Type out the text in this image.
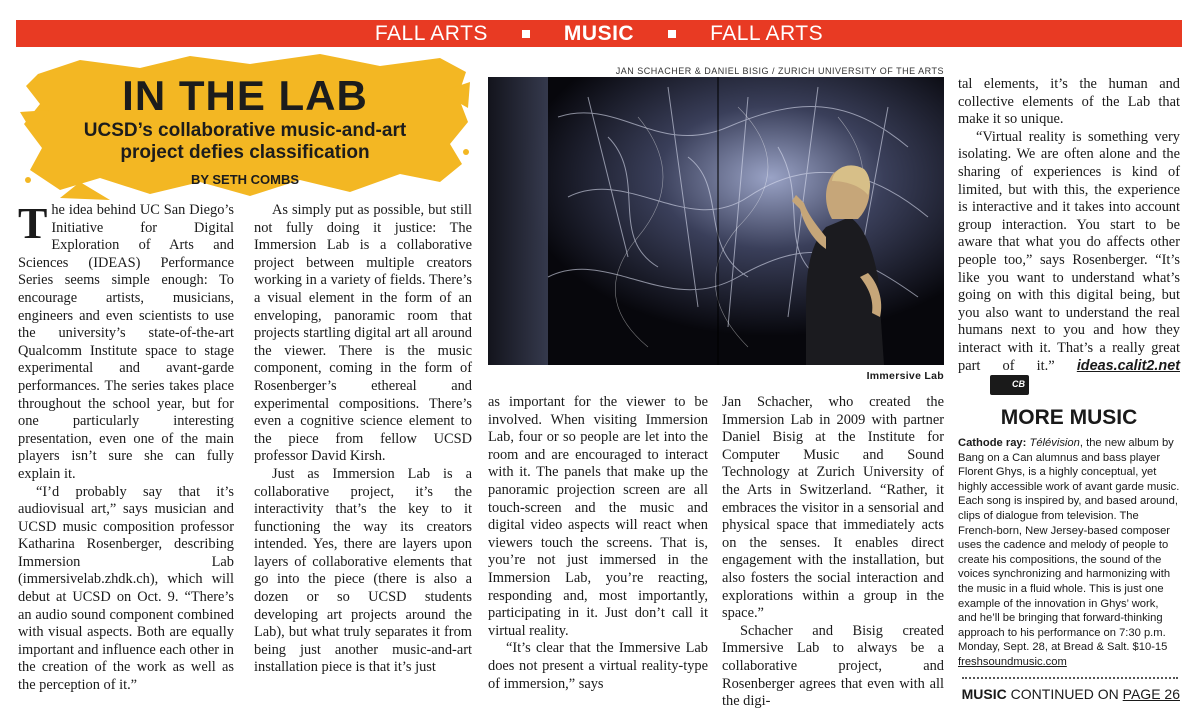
FALL ARTS	MUSIC	FALL ARTS
IN THE LAB
UCSD’s collaborative music-and-art project defies classification
BY SETH COMBS

The idea behind UC San Diego’s Initiative for Digital Exploration of Arts and Sciences (IDEAS) Performance Series seems simple enough: To encourage artists, musicians, engineers and even scientists to use the university’s state-of-the-art Qualcomm Institute space to stage experimental and avant-garde performances. The series takes place throughout the school year, but for one particularly interesting presentation, even one of the main players isn’t sure she can fully explain it.

“I’d probably say that it’s audiovisual art,” says musician and UCSD music composition professor Katharina Rosenberger, describing Immersion Lab (immersivelab.zhdk.ch), which will debut at UCSD on Oct. 9. “There’s an audio sound component combined with visual aspects. Both are equally important and influence each other in the creation of the work as well as the perception of it.”

As simply put as possible, but still not fully doing it justice: The Immersion Lab is a collaborative project between multiple creators working in a variety of fields. There’s a visual element in the form of an enveloping, panoramic room that projects startling digital art all around the viewer. There is the music component, coming in the form of Rosenberger’s ethereal and experimental compositions. There’s even a cognitive science element to the piece from fellow UCSD professor David Kirsh.

Just as Immersion Lab is a collaborative project, it’s the interactivity that’s the key to it functioning the way its creators intended. Yes, there are layers upon layers of collaborative elements that go into the piece (there is also a dozen or so UCSD students developing art projects around the Lab), but what truly separates it from being just another music-and-art installation piece is that it’s just

JAN SCHACHER & DANIEL BISIG / ZURICH UNIVERSITY OF THE ARTS
Immersive Lab

as important for the viewer to be involved. When visiting Immersion Lab, four or so people are let into the room and are encouraged to interact with it. The panels that make up the panoramic projection screen are all touch-screen and the music and digital video aspects will react when viewers touch the screens. That is, you’re not just immersed in the Immersion Lab, you’re reacting, responding and, most importantly, participating in it. Just don’t call it virtual reality.

“It’s clear that the Immersive Lab does not present a virtual reality-type of immersion,” says

Jan Schacher, who created the Immersion Lab in 2009 with partner Daniel Bisig at the Institute for Computer Music and Sound Technology at Zurich University of the Arts in Switzerland. “Rather, it embraces the visitor in a sensorial and physical space that immediately acts on the senses. It enables direct engagement with the installation, but also fosters the social interaction and explorations within a group in the space.”

Schacher and Bisig created Immersive Lab to always be a collaborative project, and Rosenberger agrees that even with all the digi-

tal elements, it’s the human and collective elements of the Lab that make it so unique.

“Virtual reality is something very isolating. We are often alone and the sharing of experiences is kind of limited, but with this, the experience is interactive and it takes into account group interaction. You start to be aware that what you do affects other people too,” says Rosenberger. “It’s like you want to understand what’s going on with this digital being, but you also want to understand the real humans next to you and how they interact with it. That’s a really great part of it.” ideas.calit2.netCB

MORE MUSIC
Cathode ray: Télévision, the new album by Bang on a Can alumnus and bass player Florent Ghys, is a highly conceptual, yet highly accessible work of avant garde music. Each song is inspired by, and based around, clips of dialogue from television. The French-born, New Jersey-based composer uses the cadence and melody of people to create his compositions, the sound of the voices synchronizing and harmonizing with the music in a fluid whole. This is just one example of the innovation in Ghys’ work, and he’ll be bringing that forward-thinking approach to his performance on 7:30 p.m. Monday, Sept. 28, at Bread & Salt. $10-15 freshsoundmusic.com
MUSIC CONTINUED ON PAGE 26
